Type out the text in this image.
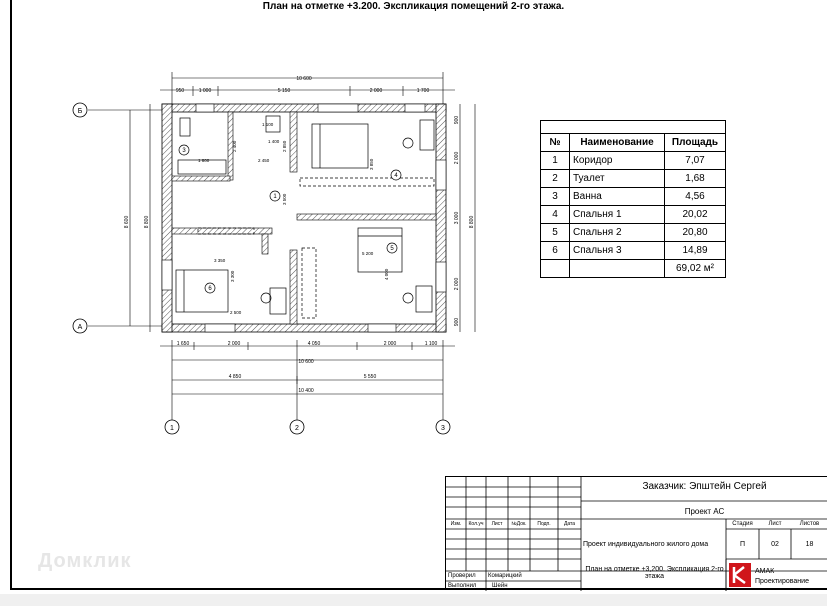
План на отметке +3.200. Экспликация помещений 2-го этажа.
10 600
950	1 000	5 150	2 000	1 700
Б
А
1	2	3
8 600	8 800
900
2 000
3 000
2 000
900
8 800
2 400
1 800	2 450
1 400
1 100
2 850
3 850
3 350
3 300
5 200
4 000
3 500
2 500
1
3
4
5
6
1 650	2 000	4 050	2 000	1 100
10 600
4 850	5 550
10 400

№	Наименование	Площадь
1	Коридор	7,07
2	Туалет	1,68
3	Ванна	4,56
4	Спальня 1	20,02
5	Спальня 2	20,80
6	Спальня 3	14,89
		69,02 м²
Заказчик: Эпштейн Сергей
Проект АС
Изм.	Кол.уч	Лист	№Док.	Подп.	Дата
Проект индивидуального жилого дома
Стадия	Лист	Листов
П	02	18
Проверил	Комарицкий
Выполнил	Шейн
План на отметке +3,200. Экспликация 2-го этажа
АМАК
Проектирование
Домклик
